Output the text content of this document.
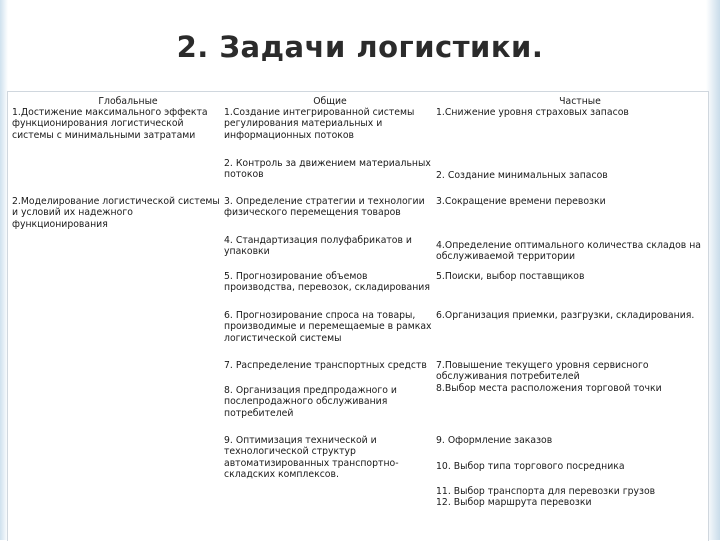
2. Задачи логистики.
Глобальные	Общие	Частные
1.Достижение максимального эффекта
функционирования логистической
системы с минимальными затратами
2.Моделирование логистической системы
и условий их надежного
функционирования
1.Создание интегрированной системы
регулирования материальных и
информационных потоков
2. Контроль за движением материальных
потоков
3. Определение стратегии и технологии
физического перемещения товаров
4. Стандартизация полуфабрикатов и
упаковки
5. Прогнозирование объемов
производства, перевозок, складирования
6. Прогнозирование спроса на товары,
производимые и перемещаемые в рамках
логистической системы
7. Распределение транспортных средств
8. Организация предпродажного и
послепродажного обслуживания
потребителей
9. Оптимизация технической и
технологической структур
автоматизированных транспортно-
складских комплексов.
1.Снижение уровня страховых запасов
2. Создание минимальных запасов
3.Сокращение времени перевозки
4.Определение оптимального количества складов на
обслуживаемой территории
5.Поиски, выбор поставщиков
6.Организация приемки, разгрузки, складирования.
7.Повышение текущего уровня сервисного
обслуживания потребителей
8.Выбор места расположения торговой точки
9. Оформление заказов
10. Выбор типа торгового посредника
11. Выбор транспорта для перевозки грузов
12. Выбор маршрута перевозки
